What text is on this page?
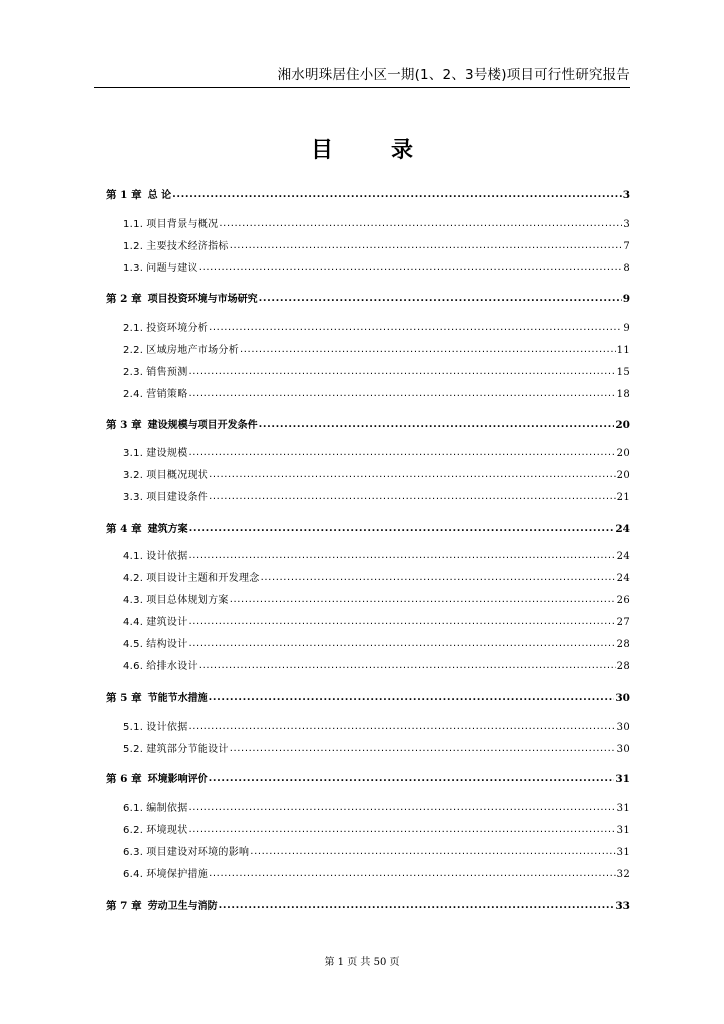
湘水明珠居住小区一期(1、2、3号楼)项目可行性研究报告
目	录
第 1 章 总 论 .....	3
1.1. 项目背景与概况 .....	3
1.2. 主要技术经济指标 .....	7
1.3. 问题与建议 .....	8
第 2 章 项目投资环境与市场研究 .....	9
2.1. 投资环境分析 .....	9
2.2. 区域房地产市场分析 .....	11
2.3. 销售预测 .....	15
2.4. 营销策略 .....	18
第 3 章 建设规模与项目开发条件 .....	20
3.1. 建设规模 .....	20
3.2. 项目概况现状 .....	20
3.3. 项目建设条件 .....	21
第 4 章 建筑方案 .....	24
4.1. 设计依据 .....	24
4.2. 项目设计主题和开发理念 .....	24
4.3. 项目总体规划方案 .....	26
4.4. 建筑设计 .....	27
4.5. 结构设计 .....	28
4.6. 给排水设计 .....	28
第 5 章 节能节水措施 .....	30
5.1. 设计依据 .....	30
5.2. 建筑部分节能设计 .....	30
第 6 章 环境影响评价 .....	31
6.1. 编制依据 .....	31
6.2. 环境现状 .....	31
6.3. 项目建设对环境的影响 .....	31
6.4. 环境保护措施 .....	32
第 7 章 劳动卫生与消防 .....	33
第 1 页 共 50 页
